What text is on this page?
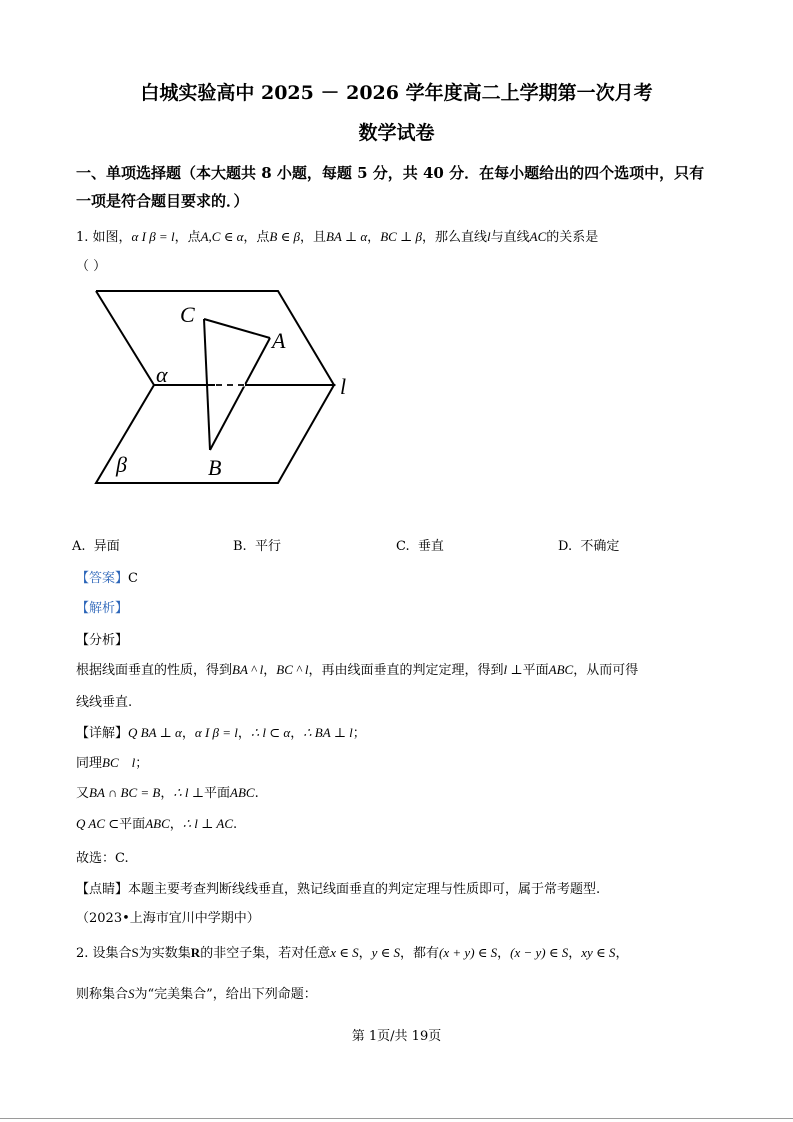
白城实验高中 2025 － 2026 学年度高二上学期第一次月考
数学试卷
一、单项选择题（本大题共 8 小题，每题 5 分，共 40 分．在每小题给出的四个选项中，只有
一项是符合题目要求的．）
1. 如图，α I β = l，点A,C ∈ α，点B ∈ β，且BA ⊥ α，BC ⊥ β，那么直线l与直线AC的关系是
（ ）
C
A
α	l
β	B
A. 异面	B. 平行	C. 垂直	D. 不确定
【答案】C
【解析】
【分析】
根据线面垂直的性质，得到BA ^ l，BC ^ l，再由线面垂直的判定定理，得到l ⊥平面ABC，从而可得
线线垂直.
【详解】Q BA ⊥ α，α I β = l，∴ l ⊂ α，∴ BA ⊥ l；
同理BC    l；
又BA ∩ BC = B，∴ l ⊥平面ABC.
Q AC ⊂平面ABC，∴ l ⊥ AC.
故选：C.
【点睛】本题主要考查判断线线垂直，熟记线面垂直的判定定理与性质即可，属于常考题型.
（2023•上海市宜川中学期中）
2. 设集合S为实数集R的非空子集，若对任意x ∈ S，y ∈ S，都有(x + y) ∈ S，(x − y) ∈ S，xy ∈ S，
则称集合S为“完美集合”，给出下列命题：
第 1页/共 19页
